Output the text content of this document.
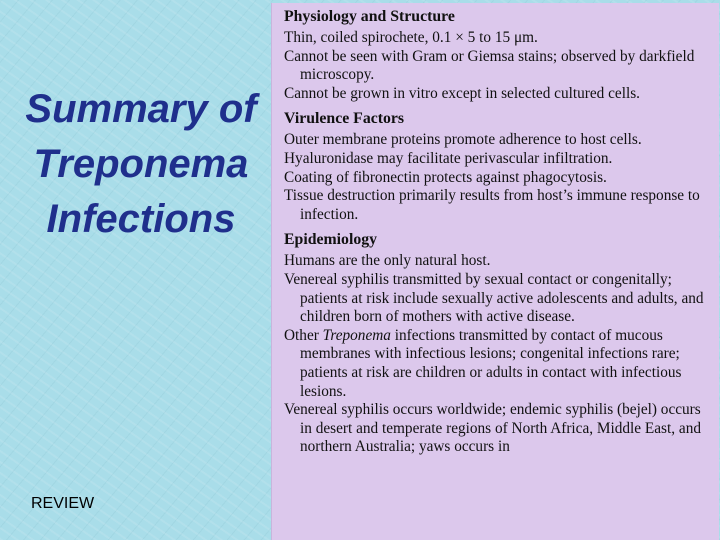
Summary of
Treponema
Infections
REVIEW
Physiology and Structure

Thin, coiled spirochete, 0.1 × 5 to 15 μm.

Cannot be seen with Gram or Giemsa stains; observed by darkfield microscopy.

Cannot be grown in vitro except in selected cultured cells.

Virulence Factors

Outer membrane proteins promote adherence to host cells.

Hyaluronidase may facilitate perivascular infiltration.

Coating of fibronectin protects against phagocytosis.

Tissue destruction primarily results from host’s immune response to infection.

Epidemiology

Humans are the only natural host.

Venereal syphilis transmitted by sexual contact or congenitally; patients at risk include sexually active adolescents and adults, and children born of mothers with active disease.

Other Treponema infections transmitted by contact of mucous membranes with infectious lesions; congenital infections rare; patients at risk are children or adults in contact with infectious lesions.

Venereal syphilis occurs worldwide; endemic syphilis (bejel) occurs in desert and temperate regions of North Africa, Middle East, and northern Australia; yaws occurs in
